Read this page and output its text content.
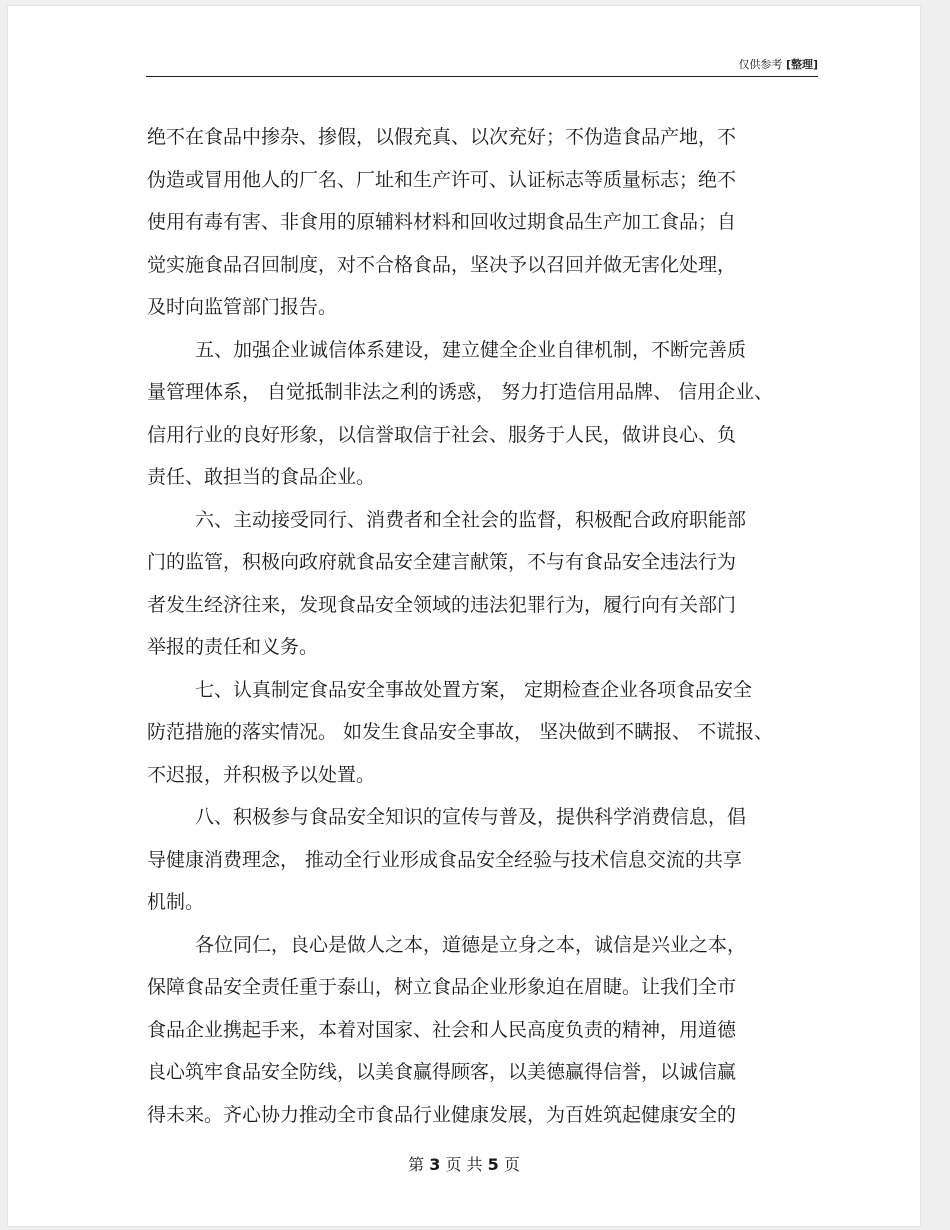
仅供参考 [整理]
绝不在食品中掺杂、掺假，以假充真、以次充好；不伪造食品产地，不
伪造或冒用他人的厂名、厂址和生产许可、认证标志等质量标志；绝不
使用有毒有害、非食用的原辅料材料和回收过期食品生产加工食品；自
觉实施食品召回制度，对不合格食品，坚决予以召回并做无害化处理，
及时向监管部门报告。
五、加强企业诚信体系建设，建立健全企业自律机制，不断完善质
量管理体系， 自觉抵制非法之利的诱惑， 努力打造信用品牌、 信用企业、
信用行业的良好形象，以信誉取信于社会、服务于人民，做讲良心、负
责任、敢担当的食品企业。
六、主动接受同行、消费者和全社会的监督，积极配合政府职能部
门的监管，积极向政府就食品安全建言献策，不与有食品安全违法行为
者发生经济往来，发现食品安全领域的违法犯罪行为，履行向有关部门
举报的责任和义务。
七、认真制定食品安全事故处置方案， 定期检查企业各项食品安全
防范措施的落实情况。 如发生食品安全事故， 坚决做到不瞒报、 不谎报、
不迟报，并积极予以处置。
八、积极参与食品安全知识的宣传与普及，提供科学消费信息，倡
导健康消费理念， 推动全行业形成食品安全经验与技术信息交流的共享
机制。
各位同仁，良心是做人之本，道德是立身之本，诚信是兴业之本，
保障食品安全责任重于泰山，树立食品企业形象迫在眉睫。让我们全市
食品企业携起手来，本着对国家、社会和人民高度负责的精神，用道德
良心筑牢食品安全防线，以美食赢得顾客，以美德赢得信誉，以诚信赢
得未来。齐心协力推动全市食品行业健康发展，为百姓筑起健康安全的
第 3 页 共 5 页
